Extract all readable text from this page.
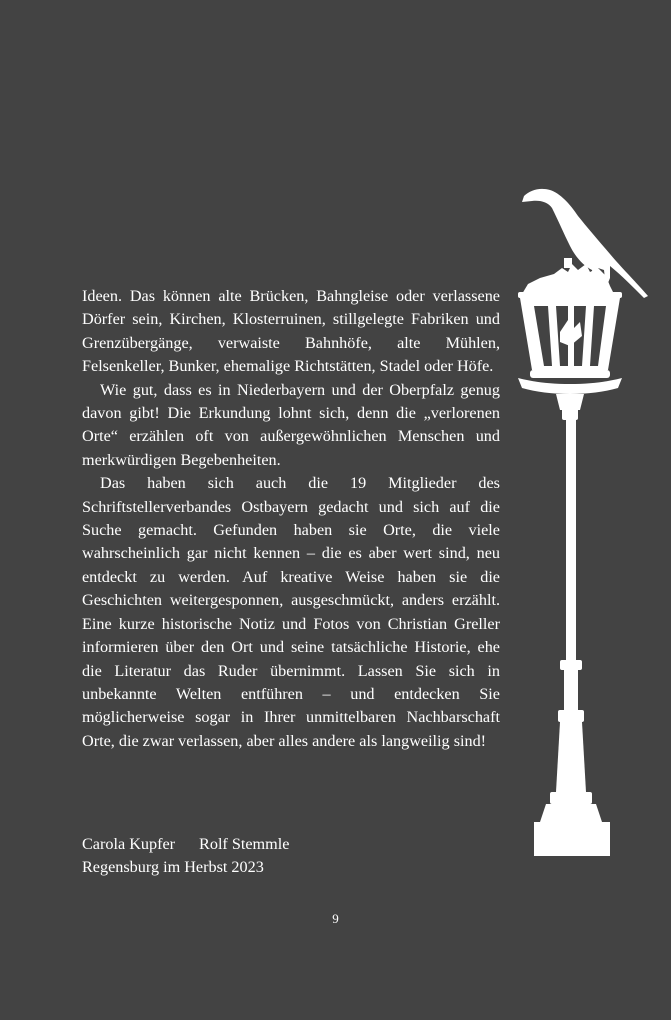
Ideen. Das können alte Brücken, Bahngleise oder verlassene Dörfer sein, Kirchen, Klosterruinen, stillgelegte Fabriken und Grenzübergänge, verwaiste Bahnhöfe, alte Mühlen, Felsenkeller, Bunker, ehemalige Richtstätten, Stadel oder Höfe.

Wie gut, dass es in Niederbayern und der Oberpfalz genug davon gibt! Die Erkundung lohnt sich, denn die „verlorenen Orte“ erzählen oft von außergewöhnlichen Menschen und merkwürdigen Begebenheiten.

Das haben sich auch die 19 Mitglieder des Schriftstellerverbandes Ostbayern gedacht und sich auf die Suche gemacht. Gefunden haben sie Orte, die viele wahrscheinlich gar nicht kennen – die es aber wert sind, neu entdeckt zu werden. Auf kreative Weise haben sie die Geschichten weitergesponnen, ausgeschmückt, anders erzählt. Eine kurze historische Notiz und Fotos von Christian Greller informieren über den Ort und seine tatsächliche Historie, ehe die Literatur das Ruder übernimmt. Lassen Sie sich in unbekannte Welten entführen – und entdecken Sie möglicherweise sogar in Ihrer unmittelbaren Nachbarschaft Orte, die zwar verlassen, aber alles andere als langweilig sind!

Carola Kupfer Rolf Stemmle
Regensburg im Herbst 2023
9
